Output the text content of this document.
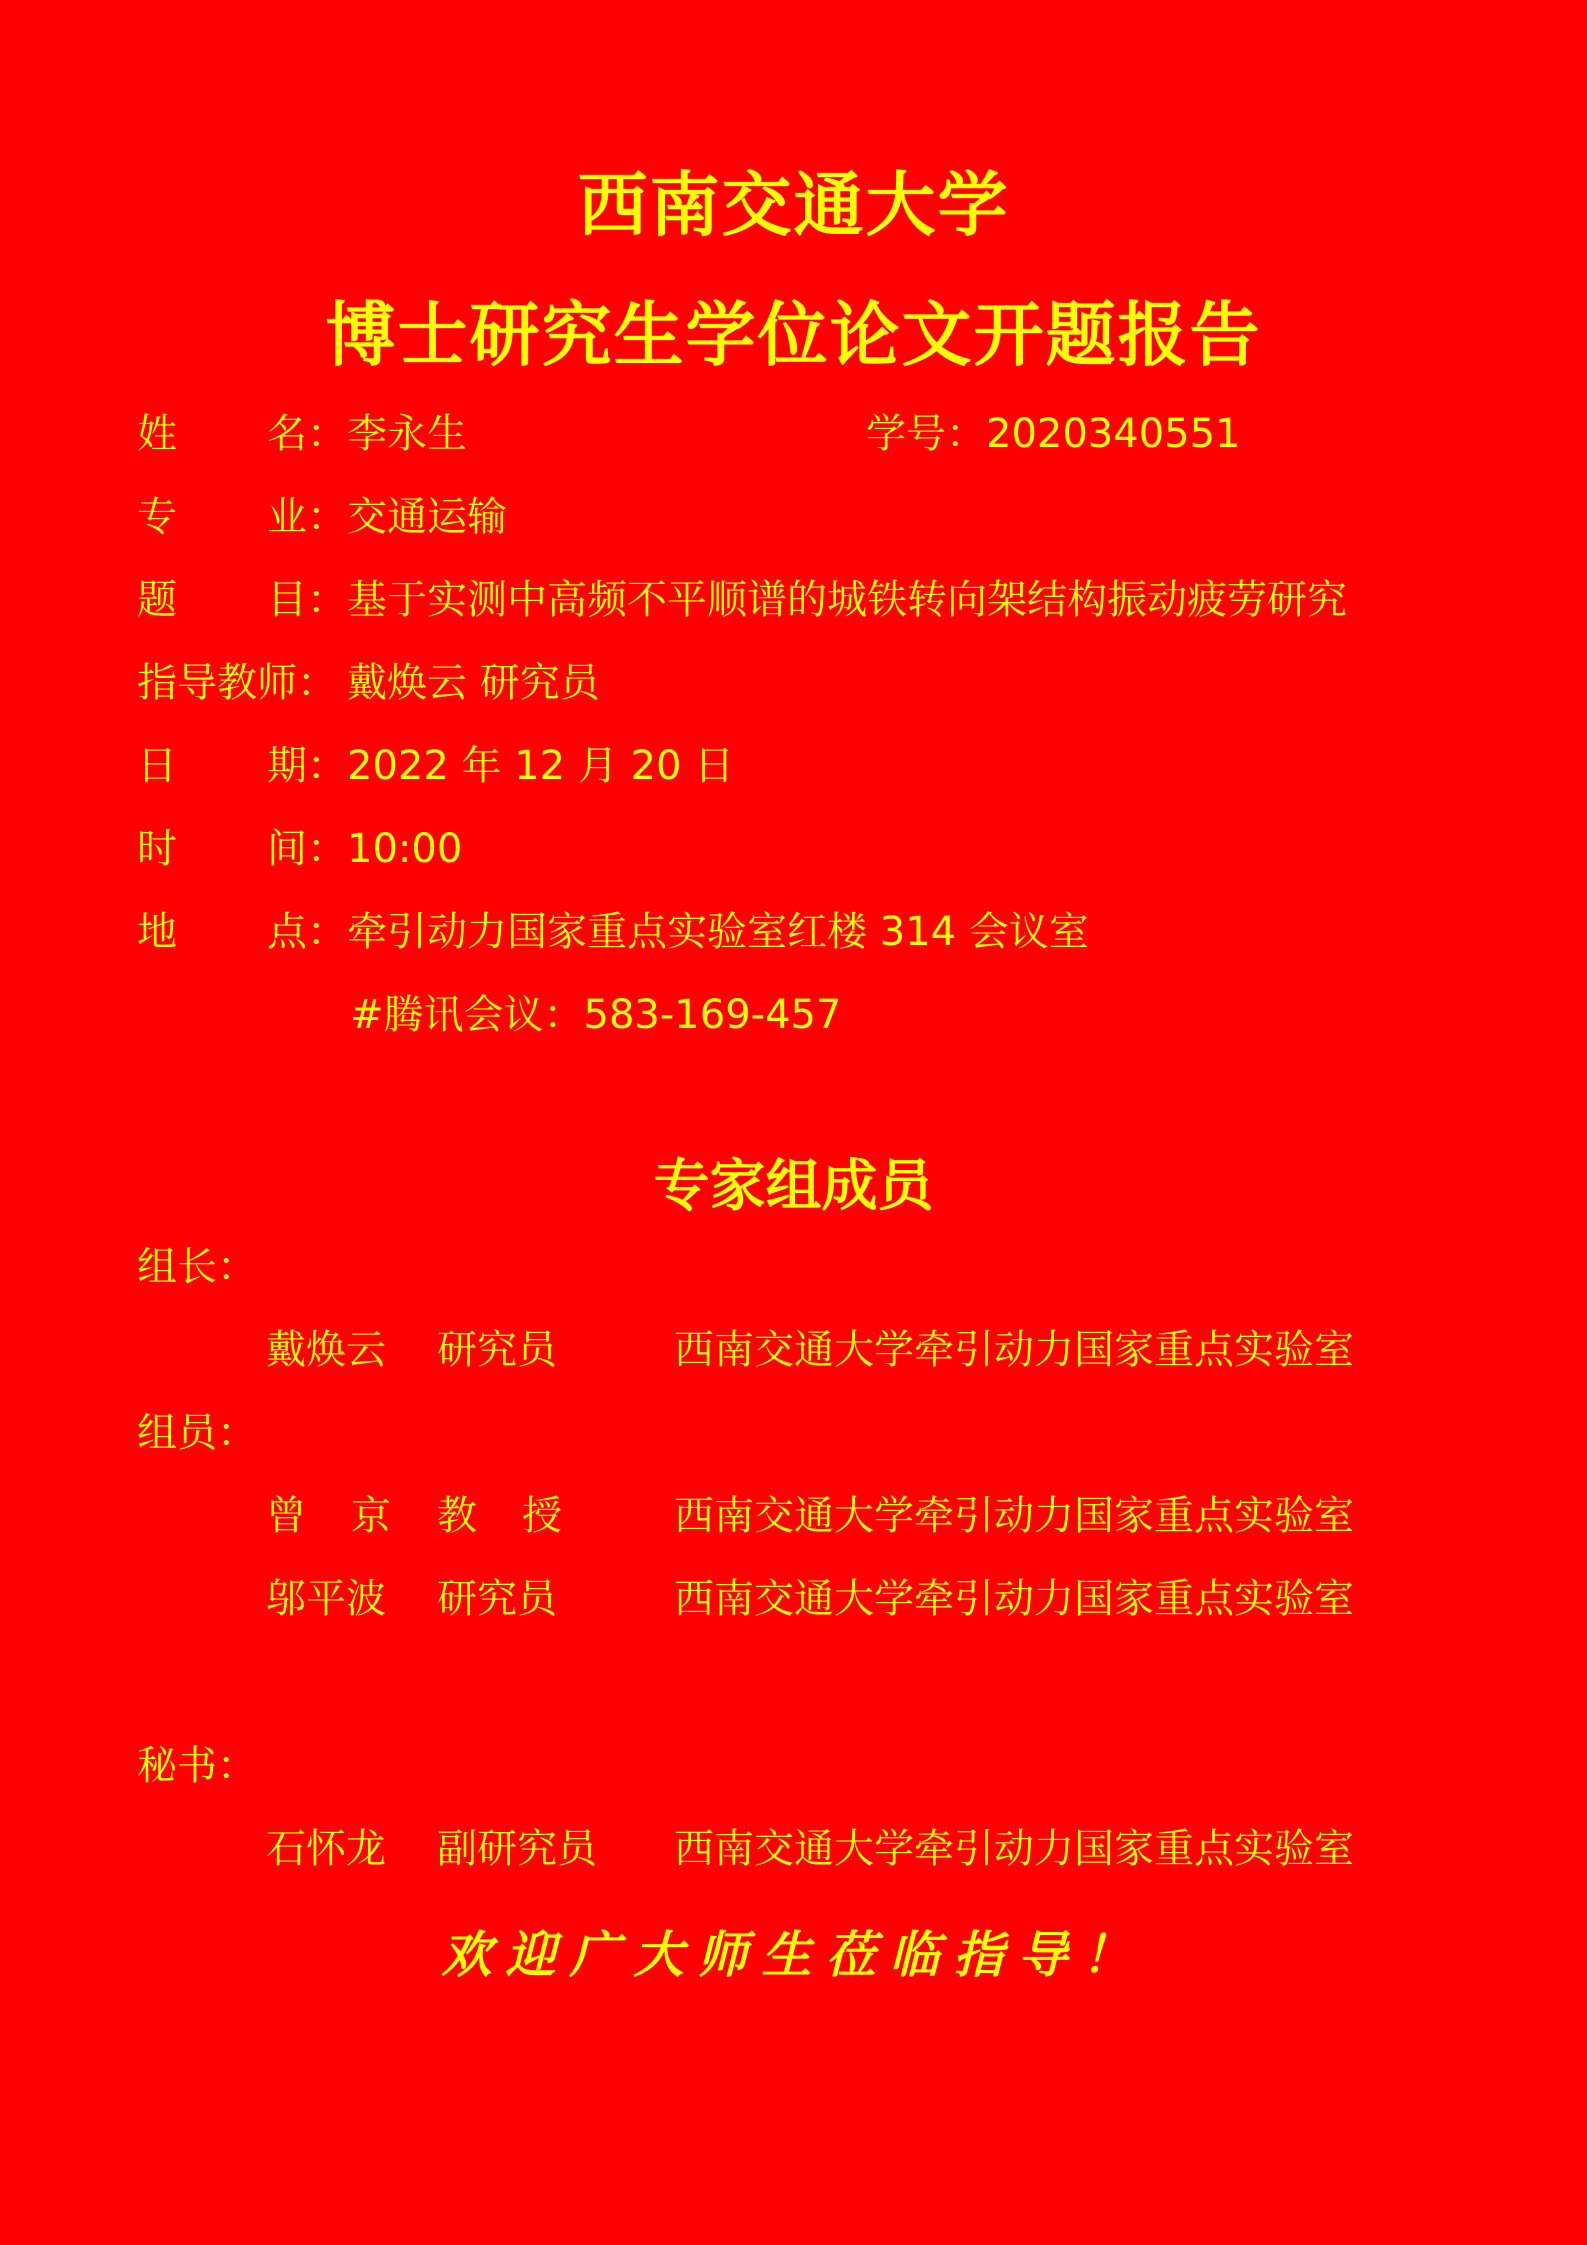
西南交通大学
博士研究生学位论文开题报告
姓 名： 李永生	学号：2020340551
专 业： 交通运输
题 目： 基于实测中高频不平顺谱的城铁转向架结构振动疲劳研究
指导教师： 戴焕云 研究员
日 期： 2022 年 12 月 20 日
时 间： 10:00
地 点： 牵引动力国家重点实验室红楼 314 会议室
#腾讯会议：583-169-457
专家组成员
组长：
戴焕云 研究员	西南交通大学牵引动力国家重点实验室
组员：
曾 京 教 授	西南交通大学牵引动力国家重点实验室
邬平波 研究员	西南交通大学牵引动力国家重点实验室
秘书：
石怀龙 副研究员 西南交通大学牵引动力国家重点实验室
欢迎广大师生莅临指导！
